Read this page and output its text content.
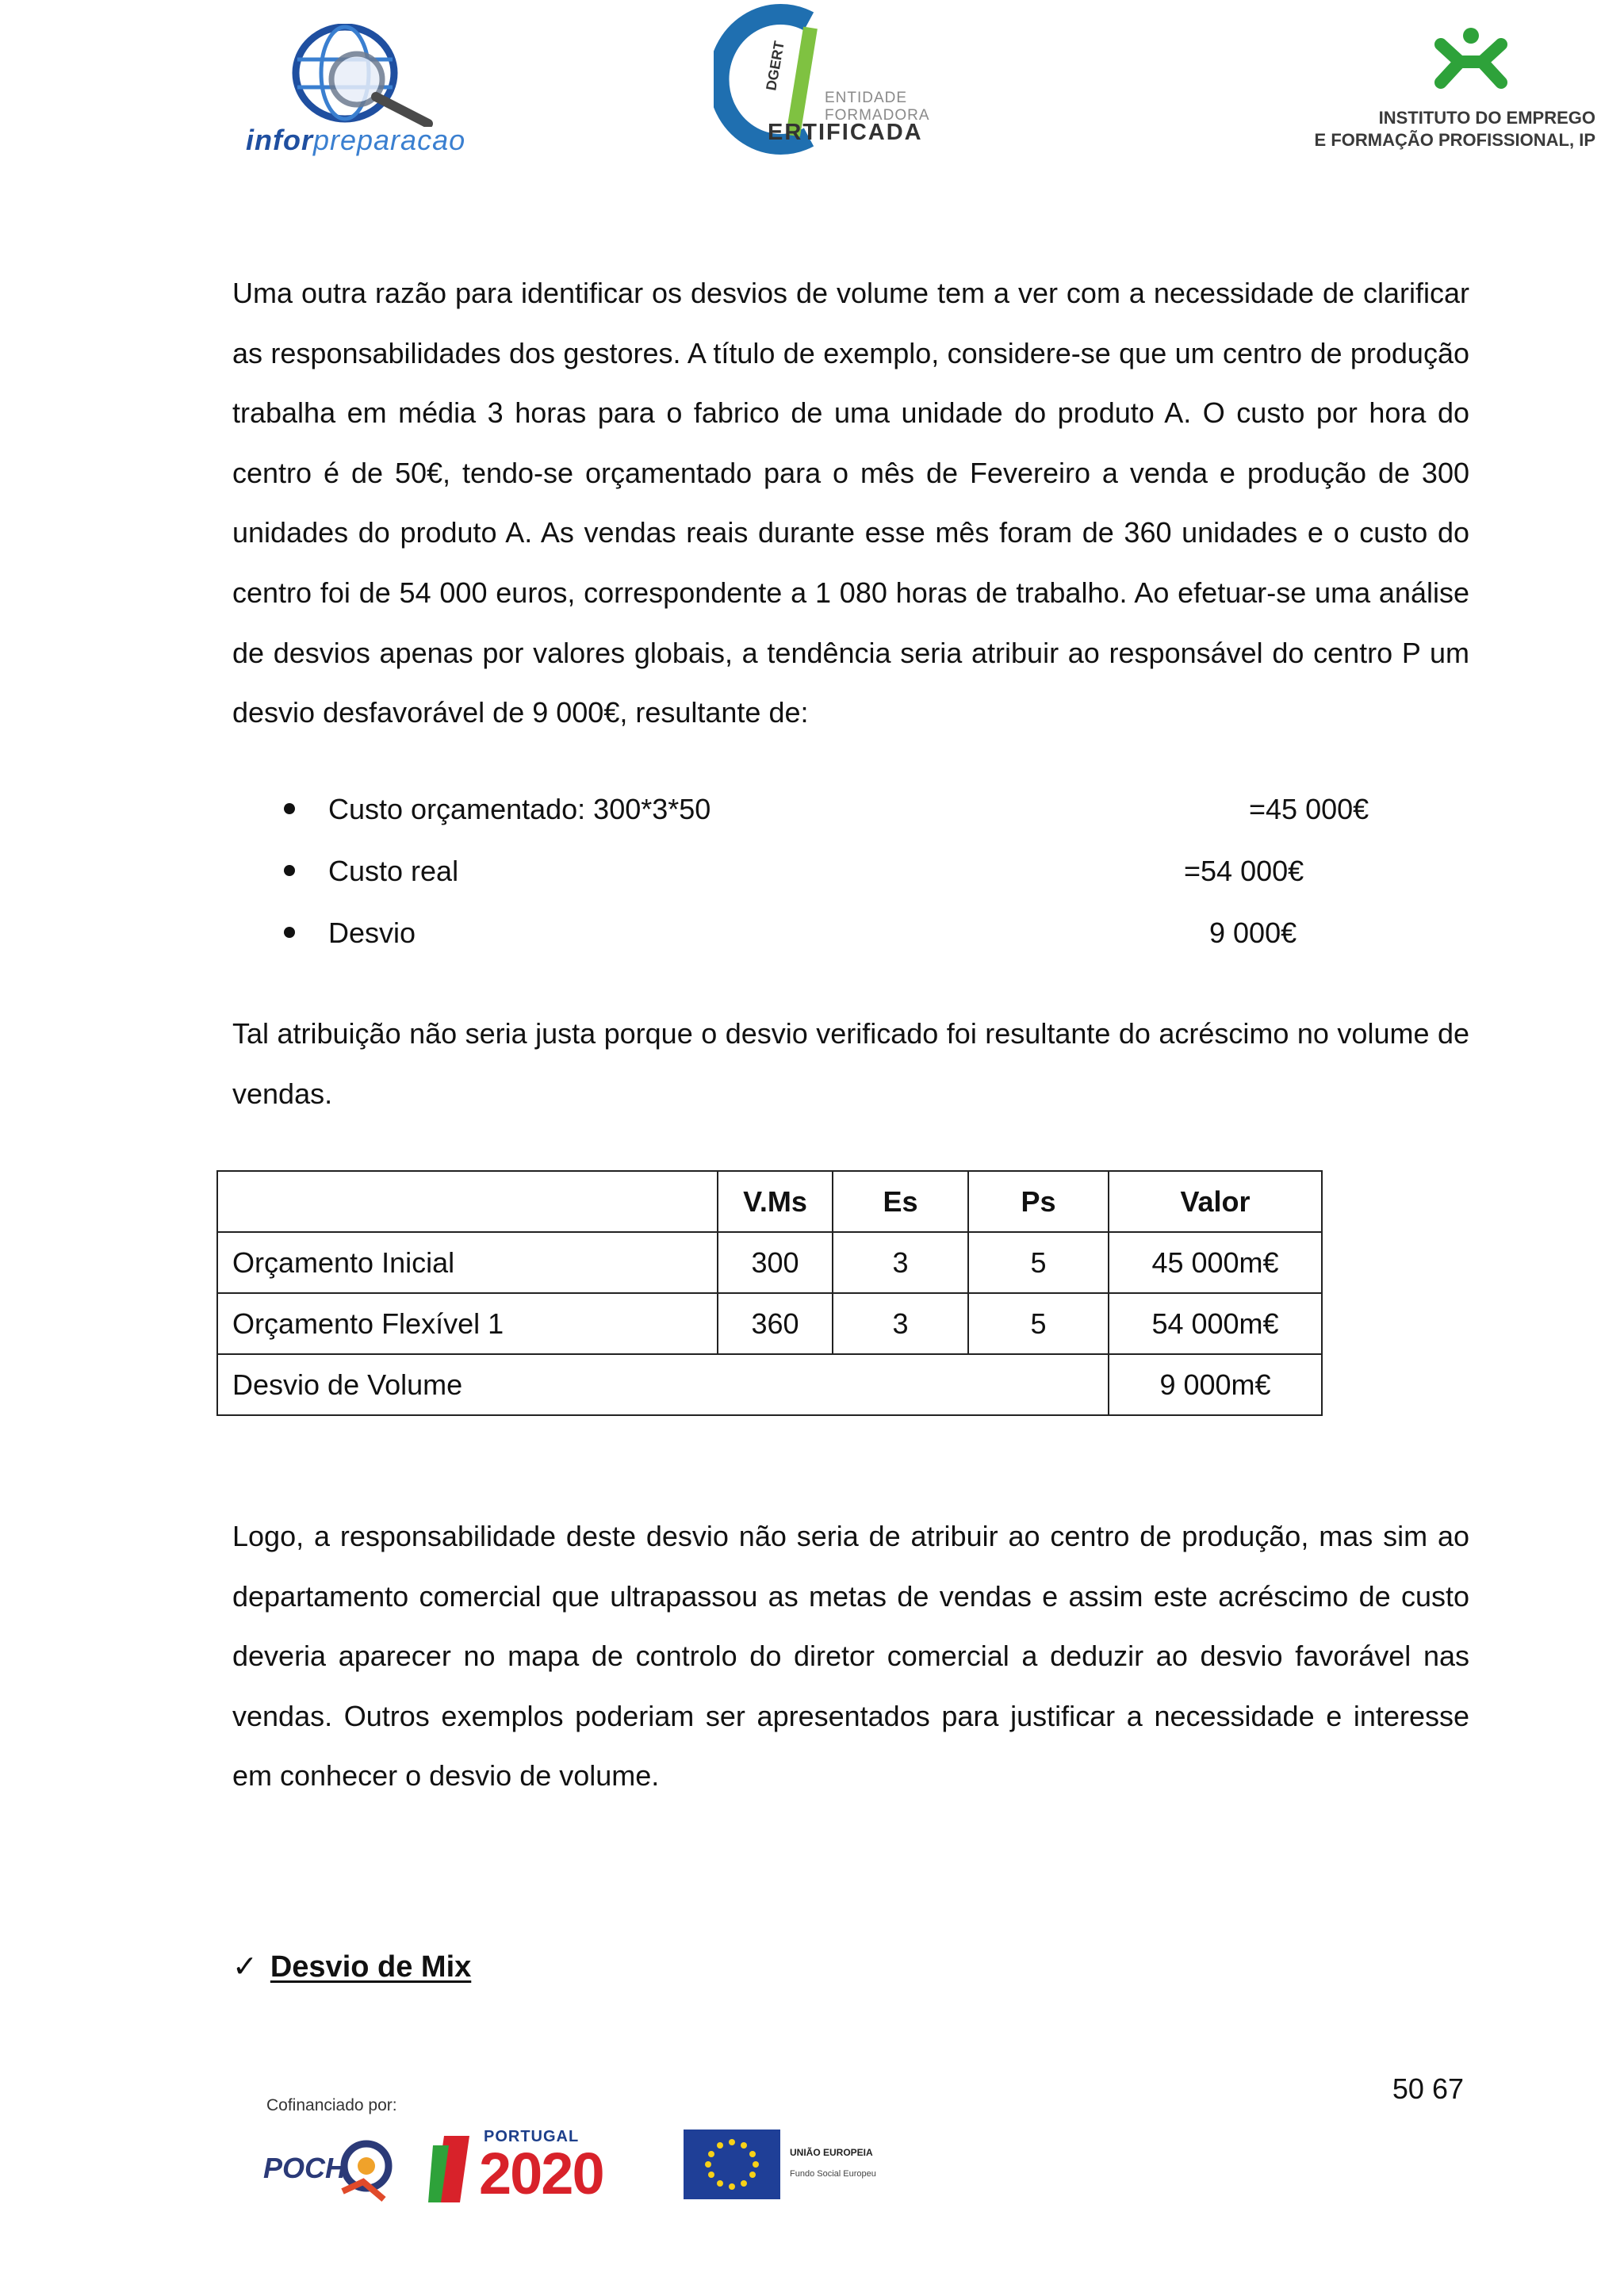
inforpreparacao
DGERT
ENTIDADE
FORMADORA
ERTIFICADA
INSTITUTO DO EMPREGO
E FORMAÇÃO PROFISSIONAL, IP
Uma outra razão para identificar os desvios de volume tem a ver com a necessidade de clarificar as responsabilidades dos gestores. A título de exemplo, considere-se que um centro de produção trabalha em média 3 horas para o fabrico de uma unidade do produto A. O custo por hora do centro é de 50€, tendo-se orçamentado para o mês de Fevereiro a venda e produção de 300 unidades do produto A. As vendas reais durante esse mês foram de 360 unidades e o custo do centro foi de 54 000 euros, correspondente a 1 080 horas de trabalho. Ao efetuar-se uma análise de desvios apenas por valores globais, a tendência seria atribuir ao responsável do centro P um desvio desfavorável de 9 000€, resultante de:
Custo orçamentado: 300*3*50	=45 000€
Custo real	=54 000€
Desvio	9 000€
Tal atribuição não seria justa porque o desvio verificado foi resultante do acréscimo no volume de vendas.
	V.Ms	Es	Ps	Valor
Orçamento Inicial	300	3	5	45 000m€
Orçamento Flexível 1	360	3	5	54 000m€
Desvio de Volume				9 000m€
Logo, a responsabilidade deste desvio não seria de atribuir ao centro de produção, mas sim ao departamento comercial que ultrapassou as metas de vendas e assim este acréscimo de custo deveria aparecer no mapa de controlo do diretor comercial a deduzir ao desvio favorável nas vendas. Outros exemplos poderiam ser apresentados para justificar a necessidade e interesse em conhecer o desvio de volume.
✓ Desvio de Mix
50 67
Cofinanciado por:
POCH
PORTUGAL
2020	UNIÃO EUROPEIA
Fundo Social Europeu
